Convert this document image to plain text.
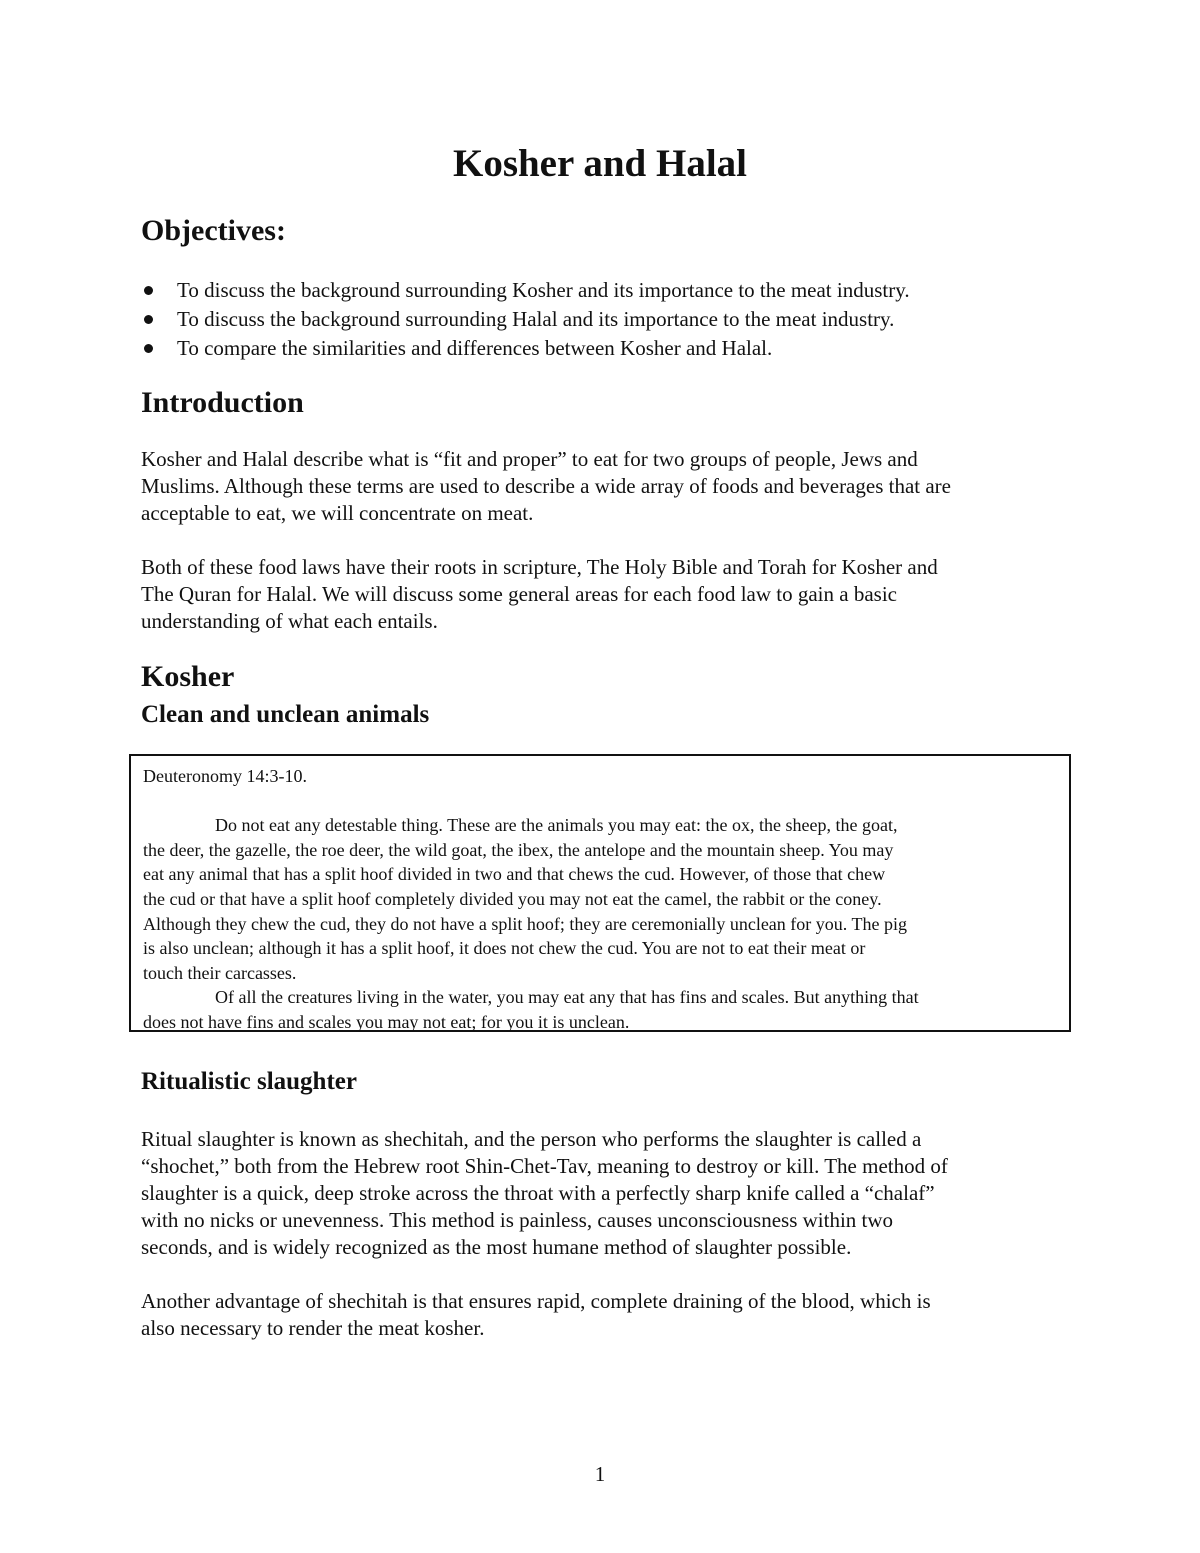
Kosher and Halal
Objectives:
To discuss the background surrounding Kosher and its importance to the meat industry.
To discuss the background surrounding Halal and its importance to the meat industry.
To compare the similarities and differences between Kosher and Halal.
Introduction

Kosher and Halal describe what is “fit and proper” to eat for two groups of people, Jews and
Muslims. Although these terms are used to describe a wide array of foods and beverages that are
acceptable to eat, we will concentrate on meat.

Both of these food laws have their roots in scripture, The Holy Bible and Torah for Kosher and
The Quran for Halal. We will discuss some general areas for each food law to gain a basic
understanding of what each entails.

Kosher
Clean and unclean animals
Deuteronomy 14:3-10.

Do not eat any detestable thing. These are the animals you may eat: the ox, the sheep, the goat,
the deer, the gazelle, the roe deer, the wild goat, the ibex, the antelope and the mountain sheep. You may
eat any animal that has a split hoof divided in two and that chews the cud. However, of those that chew
the cud or that have a split hoof completely divided you may not eat the camel, the rabbit or the coney.
Although they chew the cud, they do not have a split hoof; they are ceremonially unclean for you. The pig
is also unclean; although it has a split hoof, it does not chew the cud. You are not to eat their meat or
touch their carcasses.
Of all the creatures living in the water, you may eat any that has fins and scales. But anything that
does not have fins and scales you may not eat; for you it is unclean.
Ritualistic slaughter

Ritual slaughter is known as shechitah, and the person who performs the slaughter is called a
“shochet,” both from the Hebrew root Shin-Chet-Tav, meaning to destroy or kill. The method of
slaughter is a quick, deep stroke across the throat with a perfectly sharp knife called a “chalaf”
with no nicks or unevenness. This method is painless, causes unconsciousness within two
seconds, and is widely recognized as the most humane method of slaughter possible.

Another advantage of shechitah is that ensures rapid, complete draining of the blood, which is
also necessary to render the meat kosher.

1
